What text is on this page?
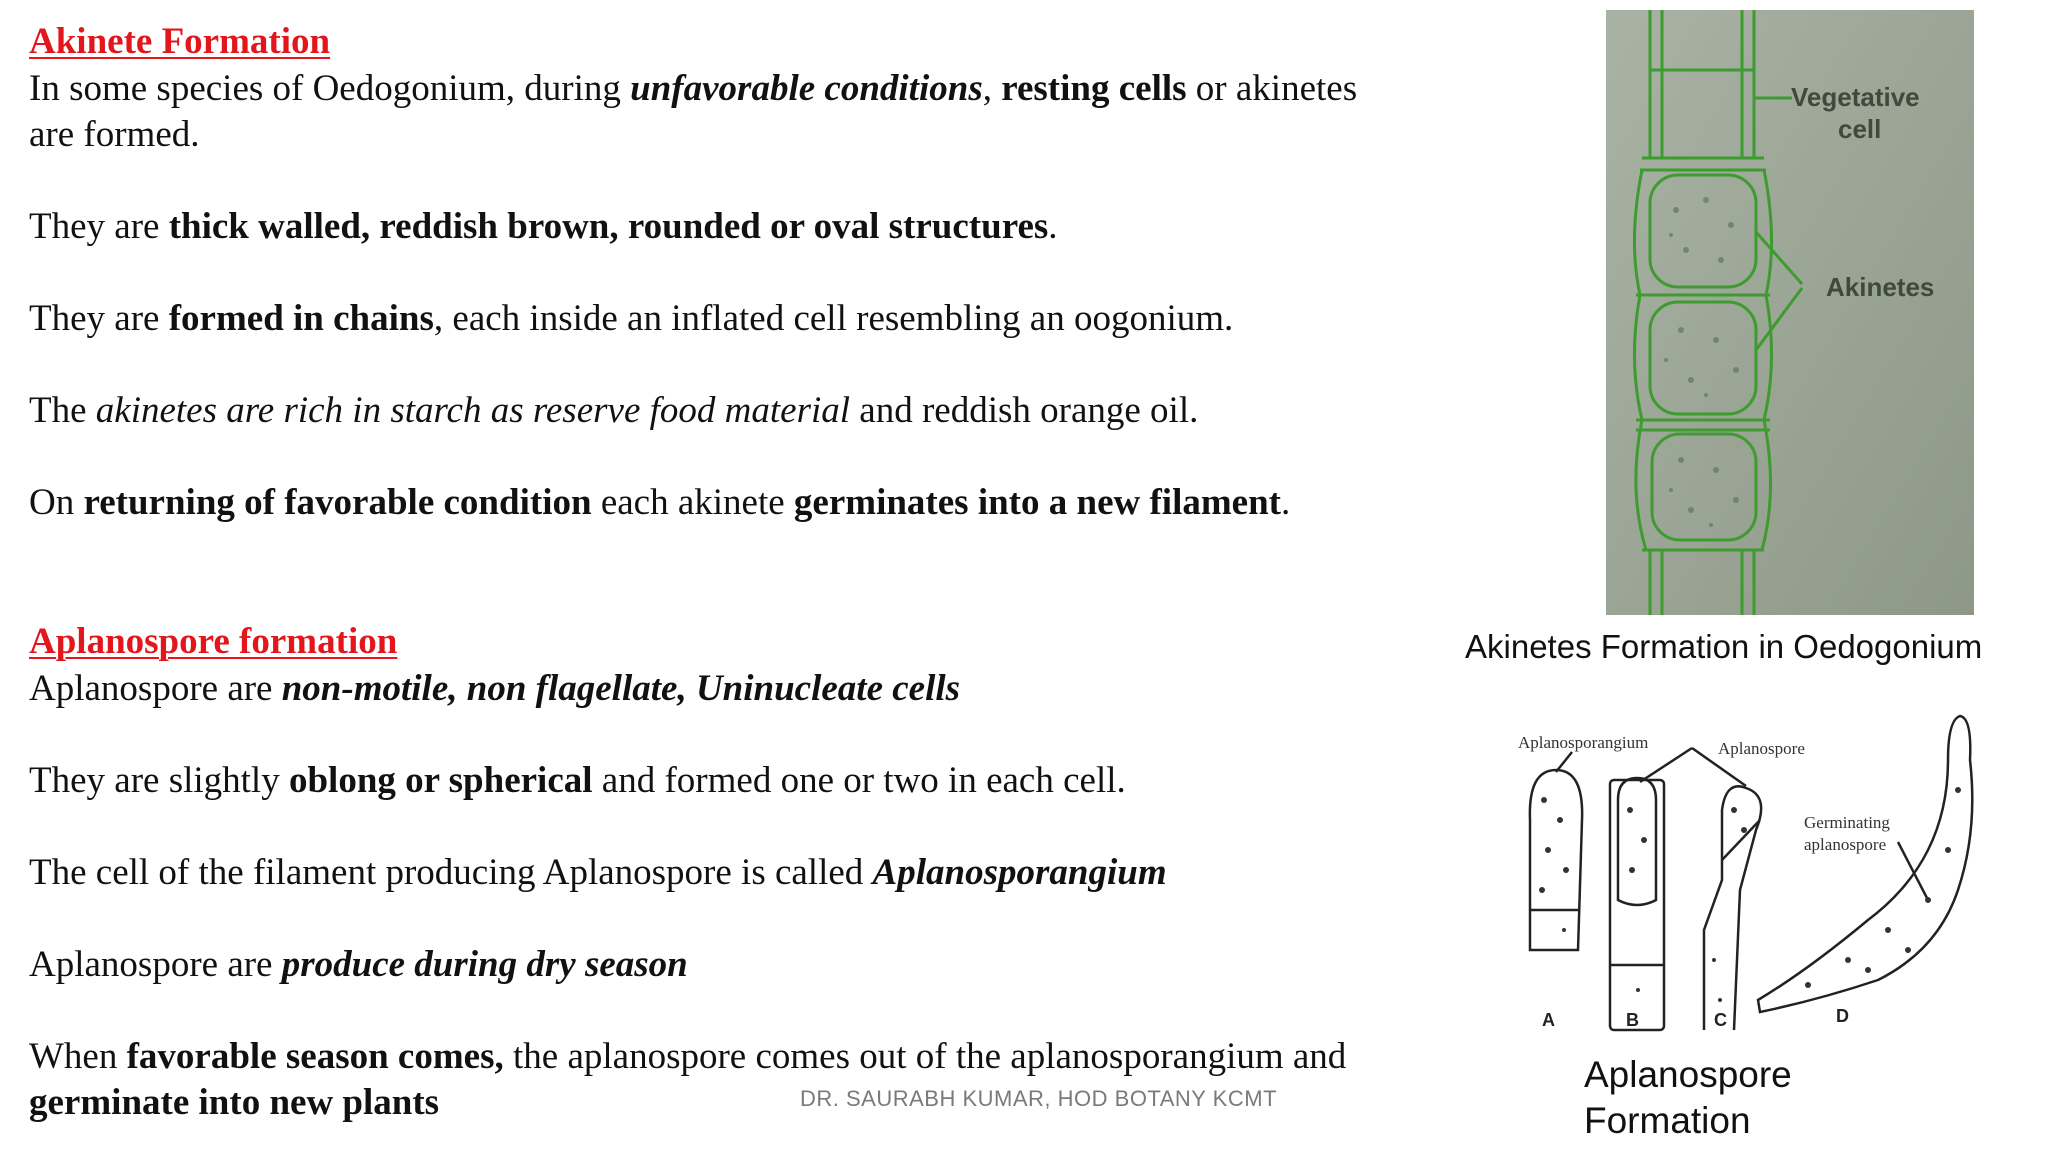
Akinete Formation
In some species of Oedogonium, during unfavorable conditions, resting cells or akinetes
are formed.
They are thick walled, reddish brown, rounded or oval structures.
They are formed in chains, each inside an inflated cell resembling an oogonium.
The akinetes are rich in starch as reserve food material and reddish orange oil.
On returning of favorable condition each akinete germinates into a new filament.
Aplanospore formation
Aplanospore are non-motile, non flagellate, Uninucleate cells
They are slightly oblong or spherical and formed one or two in each cell.
The cell of the filament producing Aplanospore is called Aplanosporangium
Aplanospore are produce during dry season
When favorable season comes, the aplanospore comes out of the aplanosporangium and
germinate into new plants	DR. SAURABH KUMAR, HOD BOTANY KCMT
Vegetative
cell
Akinetes
Akinetes Formation in Oedogonium
Aplanosporangium	Aplanospore
Germinating
aplanospore
A	B	C	D
Aplanospore
Formation
